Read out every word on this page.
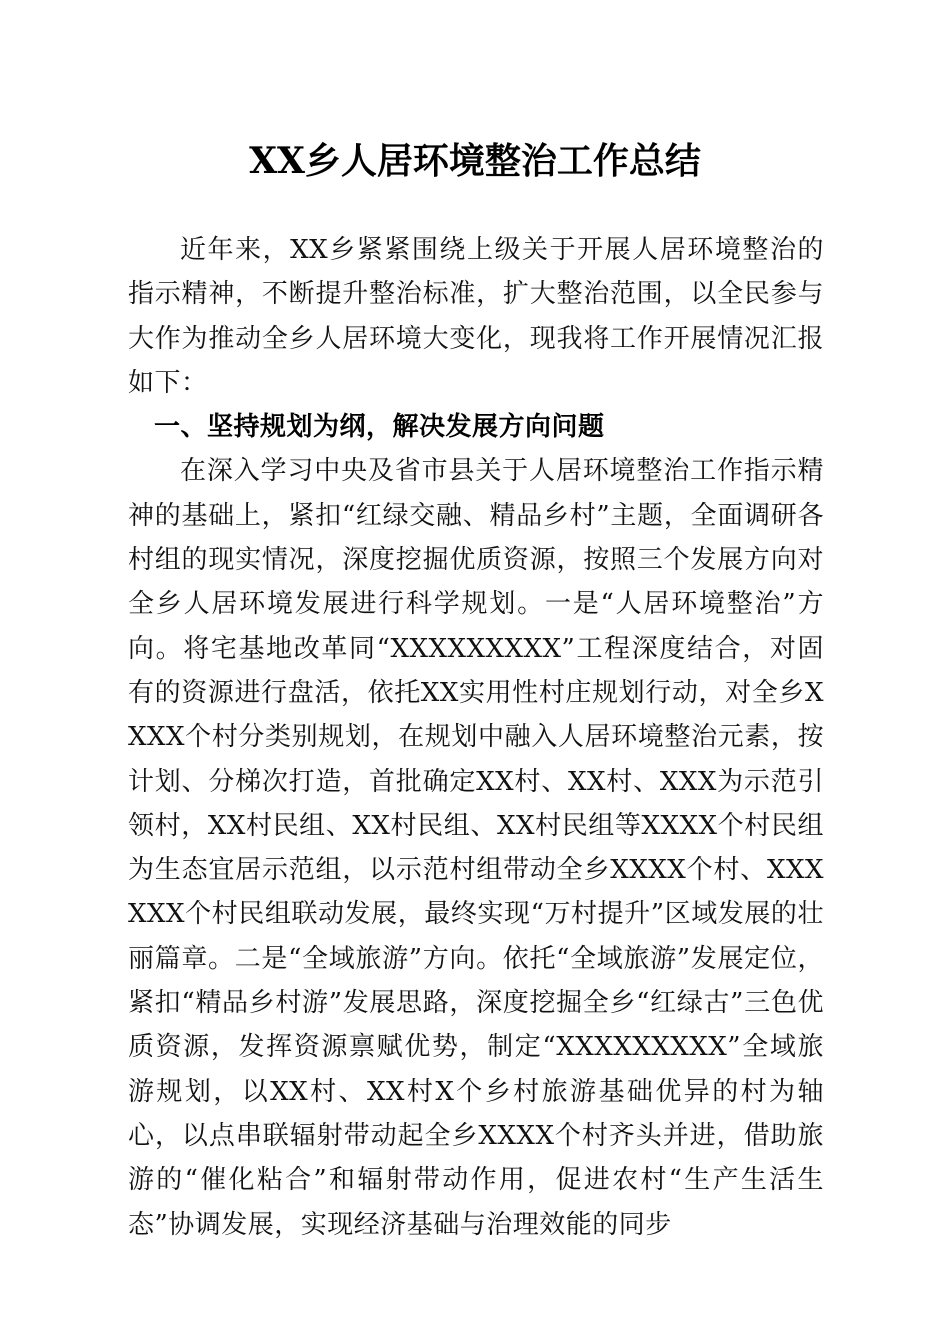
XX乡人居环境整治工作总结

近年来，XX乡紧紧围绕上级关于开展人居环境整治的指示精神，不断提升整治标准，扩大整治范围，以全民参与大作为推动全乡人居环境大变化，现我将工作开展情况汇报如下：

一、坚持规划为纲，解决发展方向问题

在深入学习中央及省市县关于人居环境整治工作指示精神的基础上，紧扣“红绿交融、精品乡村”主题，全面调研各村组的现实情况，深度挖掘优质资源，按照三个发展方向对全乡人居环境发展进行科学规划。一是“人居环境整治”方向。将宅基地改革同“XXXXXXXXX”工程深度结合，对固有的资源进行盘活，依托XX实用性村庄规划行动，对全乡XXXX个村分类别规划，在规划中融入人居环境整治元素，按计划、分梯次打造，首批确定XX村、XX村、XXX为示范引领村，XX村民组、XX村民组、XX村民组等XXXX个村民组为生态宜居示范组，以示范村组带动全乡XXXX个村、XXXXXX个村民组联动发展，最终实现“万村提升”区域发展的壮丽篇章。二是“全域旅游”方向。依托“全域旅游”发展定位，紧扣“精品乡村游”发展思路，深度挖掘全乡“红绿古”三色优质资源，发挥资源禀赋优势，制定“XXXXXXXXX”全域旅游规划，以XX村、XX村X个乡村旅游基础优异的村为轴心，以点串联辐射带动起全乡XXXX个村齐头并进，借助旅游的“催化粘合”和辐射带动作用，促进农村“生产生活生态”协调发展，实现经济基础与治理效能的同步
